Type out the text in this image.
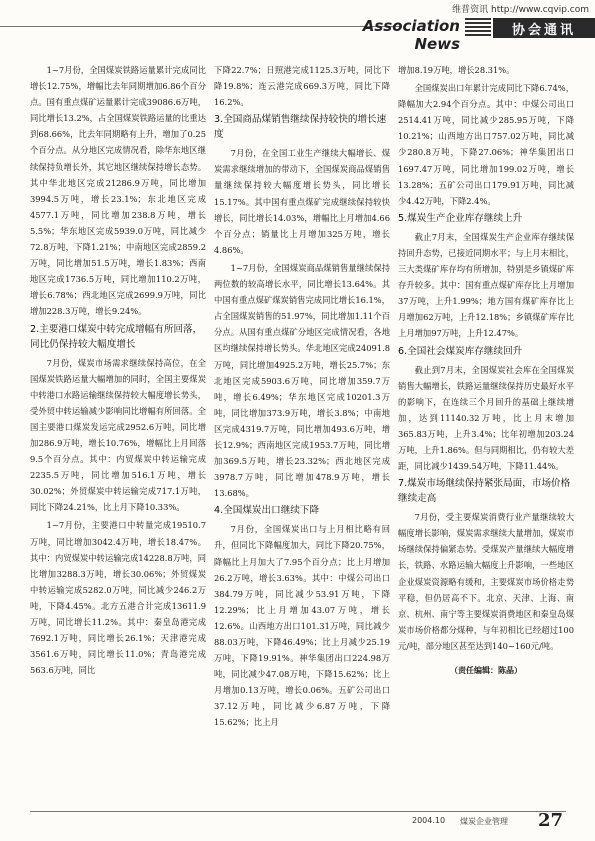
维普资讯 http://www.cqvip.com
Association News
协会通讯

1~7月份，全国煤炭铁路运量累计完成同比增长12.75%，增幅比去年同期增加6.86个百分点。国有重点煤矿运量累计完成39086.6万吨，同比增长13.2%，占全国煤炭铁路运量的比重达到68.66%，比去年同期略有上升，增加了0.25个百分点。从分地区完成情况看，除华东地区继续保持负增长外，其它地区继续保持增长态势。其中华北地区完成21286.9万吨，同比增加3994.5万吨，增长23.1%；东北地区完成4577.1万吨，同比增加238.8万吨，增长5.5%；华东地区完成5939.0万吨，同比减少72.8万吨，下降1.21%；中南地区完成2859.2万吨，同比增加51.5万吨，增长1.83%；西南地区完成1736.5万吨，同比增加110.2万吨，增长6.78%；西北地区完成2699.9万吨，同比增加228.3万吨，增长9.24%。

2.主要港口煤炭中转完成增幅有所回落，同比仍保持较大幅度增长

7月份，煤炭市场需求继续保持高位，在全国煤炭铁路运量大幅增加的同时，全国主要煤炭中转港口水路运输继续保持较大幅度增长势头，受外贸中转运输减少影响同比增幅有所回落。全国主要港口煤炭发运完成2952.6万吨，同比增加286.9万吨，增长10.76%，增幅比上月回落9.5个百分点。其中：内贸煤炭中转运输完成2235.5万吨，同比增加516.1万吨，增长30.02%；外贸煤炭中转运输完成717.1万吨，同比下降24.21%，比上月下降10.33%。

1~7月份，主要港口中转量完成19510.7万吨，同比增加3042.4万吨，增长18.47%。其中：内贸煤炭中转运输完成14228.8万吨，同比增加3288.3万吨，增长30.06%；外贸煤炭中转运输完成5282.0万吨，同比减少246.2万吨，下降4.45%。北方五港合计完成13611.9万吨，同比增长11.2%。其中：秦皇岛港完成7692.1万吨，同比增长26.1%；天津港完成3561.6万吨，同比增长11.0%；青岛港完成563.6万吨，同比

下降22.7%；日照港完成1125.3万吨，同比下降19.8%；连云港完成669.3万吨，同比下降16.2%。

3.全国商品煤销售继续保持较快的增长速度

7月份，在全国工业生产继续大幅增长、煤炭需求继续增加的带动下，全国煤炭商品煤销售量继续保持较大幅度增长势头，同比增长15.17%。其中国有重点煤矿完成继续保持较快增长，同比增长14.03%，增幅比上月增加4.66个百分点；销量比上月增加325万吨，增长4.86%。

1~7月份，全国煤炭商品煤销售量继续保持两位数的较高增长水平，同比增长13.64%。其中国有重点煤矿煤炭销售完成同比增长16.1%，占全国煤炭销售的51.97%，同比增加1.11个百分点。从国有重点煤矿分地区完成情况看，各地区均继续保持增长势头。华北地区完成24091.8万吨，同比增加4925.2万吨，增长25.7%；东北地区完成5903.6万吨，同比增加359.7万吨，增长6.49%；华东地区完成10201.3万吨，同比增加373.9万吨，增长3.8%；中南地区完成4319.7万吨，同比增加493.6万吨，增长12.9%；西南地区完成1953.7万吨，同比增加369.5万吨，增长23.32%；西北地区完成3978.7万吨，同比增加478.9万吨，增长13.68%。

4.全国煤炭出口继续下降

7月份，全国煤炭出口与上月相比略有回升，但同比下降幅度加大，同比下降20.75%，降幅比上月加大了7.95个百分点；比上月增加26.2万吨，增长3.63%。其中：中煤公司出口384.79万吨，同比减少53.91万吨，下降12.29%；比上月增加43.07万吨，增长12.6%。山西地方出口101.31万吨，同比减少88.03万吨，下降46.49%；比上月减少25.19万吨，下降19.91%。神华集团出口224.98万吨，同比减少47.08万吨，下降15.62%；比上月增加0.13万吨，增长0.06%。五矿公司出口37.12万吨，同比减少6.87万吨，下降15.62%；比上月

增加8.19万吨，增长28.31%。

全国煤炭出口年累计完成同比下降6.74%，降幅加大2.94个百分点。其中：中煤公司出口2514.41万吨，同比减少285.95万吨，下降10.21%；山西地方出口757.02万吨，同比减少280.8万吨，下降27.06%；神华集团出口1697.47万吨，同比增加199.02万吨，增长13.28%；五矿公司出口179.91万吨，同比减少4.42万吨，下降2.4%。

5.煤炭生产企业库存继续上升

截止7月末，全国煤炭生产企业库存继续保持回升态势，已接近同期水平；与上月末相比，三大类煤矿库存均有所增加，特别是乡镇煤矿库存升较多。其中：国有重点煤矿库存比上月增加37万吨，上升1.99%；地方国有煤矿库存比上月增加62万吨，上升12.18%；乡镇煤矿库存比上月增加97万吨，上升12.47%。

6.全国社会煤炭库存继续回升

截止到7月末，全国煤炭社会库在全国煤炭销售大幅增长，铁路运量继续保持历史最好水平的影响下，在连续三个月回升的基础上继续增加，达到11140.32万吨，比上月末增加365.83万吨，上升3.4%；比年初增加203.24万吨，上升1.86%。但与同期相比，仍有较大差距，同比减少1439.54万吨，下降11.44%。

7.煤炭市场继续保持紧张局面，市场价格继续走高

7月份，受主要煤炭消费行业产量继续较大幅度增长影响，煤炭需求继续大量增加，煤炭市场继续保持偏紧态势。受煤炭产量继续大幅度增长，铁路、水路运输大幅度上升影响，一些地区企业煤炭资源略有缓和，主要煤炭市场价格走势平稳，但仍居高不下。北京、天津、上海、南京、杭州、南宁等主要煤炭消费地区和秦皇岛煤炭市场价格都分煤种，与年初相比已经超过100元/吨，部分地区甚至达到140~160元/吨。

（责任编辑：陈晶）

2004.10 煤炭企业管理 27
